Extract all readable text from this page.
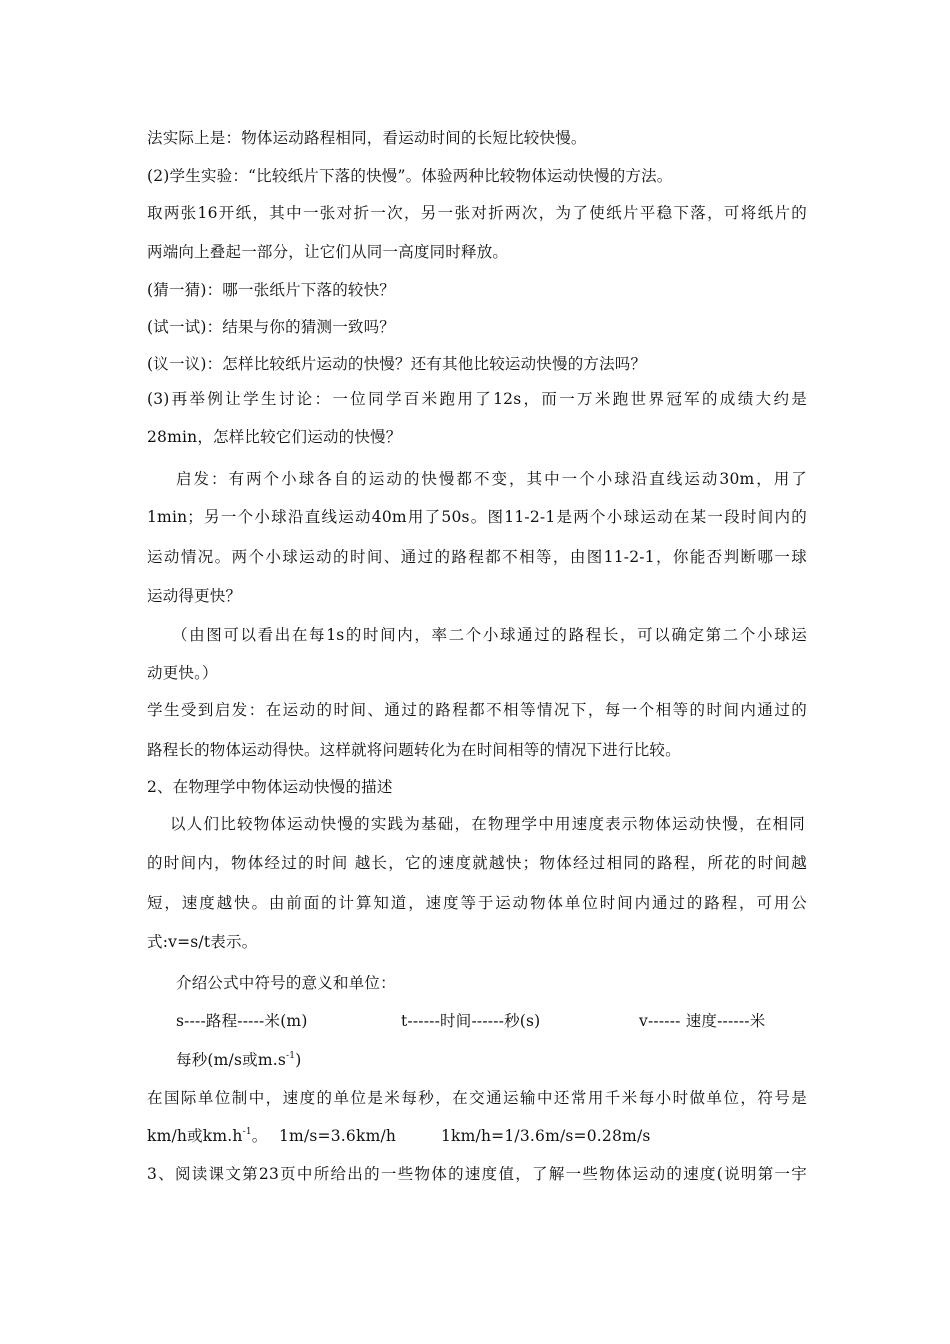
法实际上是：物体运动路程相同，看运动时间的长短比较快慢。
(2)学生实验：“比较纸片下落的快慢”。体验两种比较物体运动快慢的方法。
取两张16开纸，其中一张对折一次，另一张对折两次，为了使纸片平稳下落，可将纸片的
两端向上叠起一部分，让它们从同一高度同时释放。
(猜一猜)：哪一张纸片下落的较快？
(试一试)：结果与你的猜测一致吗？
(议一议)：怎样比较纸片运动的快慢？还有其他比较运动快慢的方法吗？
(3)再举例让学生讨论：一位同学百米跑用了12s，而一万米跑世界冠军的成绩大约是
28min，怎样比较它们运动的快慢？
启发：有两个小球各自的运动的快慢都不变，其中一个小球沿直线运动30m，用了
1min；另一个小球沿直线运动40m用了50s。图11-2-1是两个小球运动在某一段时间内的
运动情况。两个小球运动的时间、通过的路程都不相等，由图11-2-1，你能否判断哪一球
运动得更快？
（由图可以看出在每1s的时间内，率二个小球通过的路程长，可以确定第二个小球运
动更快。）
学生受到启发：在运动的时间、通过的路程都不相等情况下，每一个相等的时间内通过的
路程长的物体运动得快。这样就将问题转化为在时间相等的情况下进行比较。
2、在物理学中物体运动快慢的描述
以人们比较物体运动快慢的实践为基础，在物理学中用速度表示物体运动快慢，在相同
的时间内，物体经过的时间 越长，它的速度就越快；物体经过相同的路程，所花的时间越
短，速度越快。由前面的计算知道，速度等于运动物体单位时间内通过的路程，可用公
式:v=s/t表示。
介绍公式中符号的意义和单位：
s----路程-----米(m)	t------时间------秒(s)	v------ 速度------米
每秒(m/s或$m.s^{-1}$)
在国际单位制中，速度的单位是米每秒，在交通运输中还常用千米每小时做单位，符号是
km/h或$km.h^{-1}$。 1m/s=3.6km/h	1km/h=1/3.6m/s=0.28m/s
3、阅读课文第23页中所给出的一些物体的速度值，了解一些物体运动的速度(说明第一宇
